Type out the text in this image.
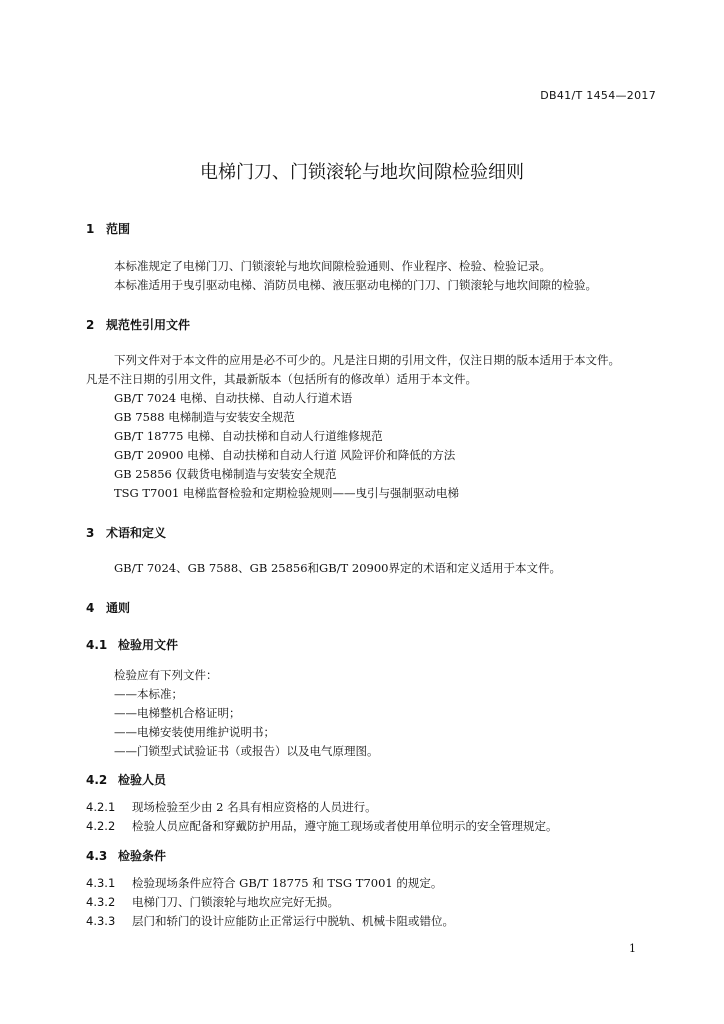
DB41/T 1454—2017
电梯门刀、门锁滚轮与地坎间隙检验细则
1 范围
本标准规定了电梯门刀、门锁滚轮与地坎间隙检验通则、作业程序、检验、检验记录。
本标准适用于曳引驱动电梯、消防员电梯、液压驱动电梯的门刀、门锁滚轮与地坎间隙的检验。
2 规范性引用文件
下列文件对于本文件的应用是必不可少的。凡是注日期的引用文件，仅注日期的版本适用于本文件。
凡是不注日期的引用文件，其最新版本（包括所有的修改单）适用于本文件。
GB/T 7024 电梯、自动扶梯、自动人行道术语
GB 7588 电梯制造与安装安全规范
GB/T 18775 电梯、自动扶梯和自动人行道维修规范
GB/T 20900 电梯、自动扶梯和自动人行道 风险评价和降低的方法
GB 25856 仅载货电梯制造与安装安全规范
TSG T7001 电梯监督检验和定期检验规则——曳引与强制驱动电梯
3 术语和定义
GB/T 7024、GB 7588、GB 25856和GB/T 20900界定的术语和定义适用于本文件。
4 通则
4.1 检验用文件
检验应有下列文件：
——本标准；
——电梯整机合格证明；
——电梯安装使用维护说明书；
——门锁型式试验证书（或报告）以及电气原理图。
4.2 检验人员
4.2.1 现场检验至少由 2 名具有相应资格的人员进行。
4.2.2 检验人员应配备和穿戴防护用品，遵守施工现场或者使用单位明示的安全管理规定。
4.3 检验条件
4.3.1 检验现场条件应符合 GB/T 18775 和 TSG T7001 的规定。
4.3.2 电梯门刀、门锁滚轮与地坎应完好无损。
4.3.3 层门和轿门的设计应能防止正常运行中脱轨、机械卡阻或错位。
1
